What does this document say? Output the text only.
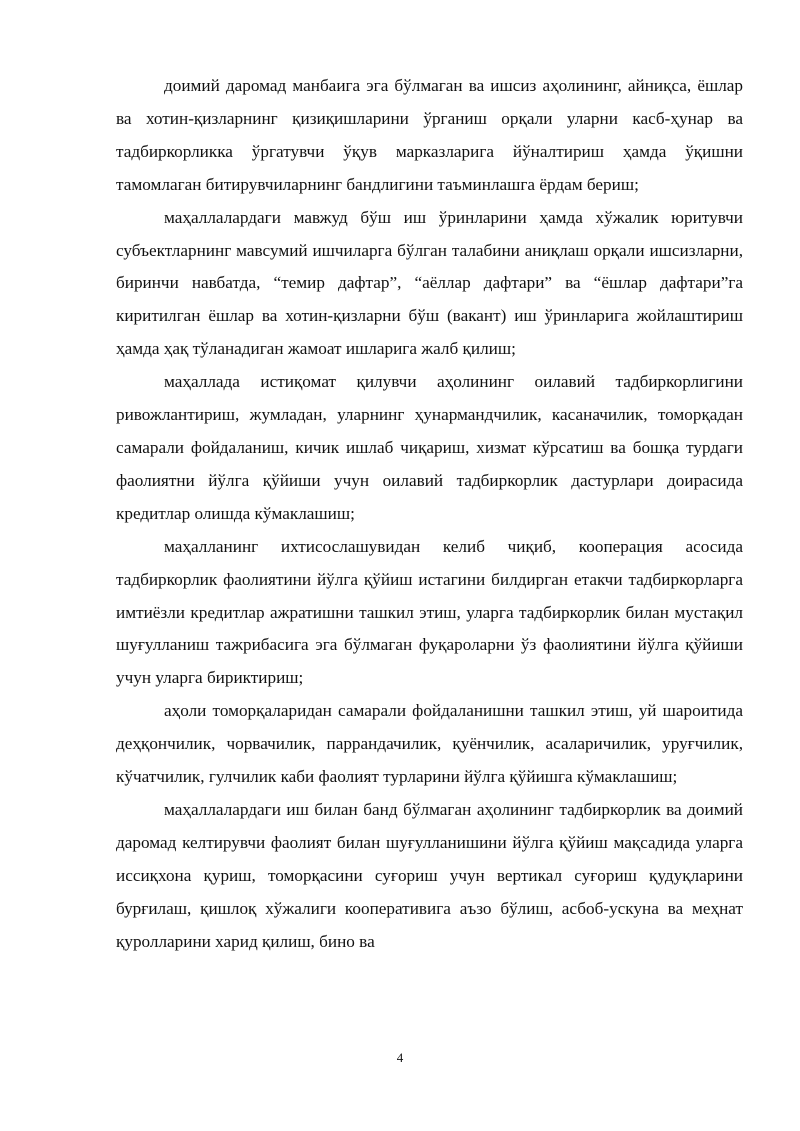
доимий даромад манбаига эга бўлмаган ва ишсиз аҳолининг, айниқса, ёшлар ва хотин-қизларнинг қизиқишларини ўрганиш орқали уларни касб-ҳунар ва тадбиркорликка ўргатувчи ўқув марказларига йўналтириш ҳамда ўқишни тамомлаган битирувчиларнинг бандлигини таъминлашга ёрдам бериш;

маҳаллалардаги мавжуд бўш иш ўринларини ҳамда хўжалик юритувчи субъектларнинг мавсумий ишчиларга бўлган талабини аниқлаш орқали ишсизларни, биринчи навбатда, “темир дафтар”, “аёллар дафтари” ва “ёшлар дафтари”га киритилган ёшлар ва хотин-қизларни бўш (вакант) иш ўринларига жойлаштириш ҳамда ҳақ тўланадиган жамоат ишларига жалб қилиш;

маҳаллада истиқомат қилувчи аҳолининг оилавий тадбиркорлигини ривожлантириш, жумладан, уларнинг ҳунармандчилик, касаначилик, томорқадан самарали фойдаланиш, кичик ишлаб чиқариш, хизмат кўрсатиш ва бошқа турдаги фаолиятни йўлга қўйиши учун оилавий тадбиркорлик дастурлари доирасида кредитлар олишда кўмаклашиш;

маҳалланинг ихтисослашувидан келиб чиқиб, кооперация асосида тадбиркорлик фаолиятини йўлга қўйиш истагини билдирган етакчи тадбиркорларга имтиёзли кредитлар ажратишни ташкил этиш, уларга тадбиркорлик билан мустақил шуғулланиш тажрибасига эга бўлмаган фуқароларни ўз фаолиятини йўлга қўйиши учун уларга бириктириш;

аҳоли томорқаларидан самарали фойдаланишни ташкил этиш, уй шароитида деҳқончилик, чорвачилик, паррандачилик, қуёнчилик, асаларичилик, уруғчилик, кўчатчилик, гулчилик каби фаолият турларини йўлга қўйишга кўмаклашиш;

маҳаллалардаги иш билан банд бўлмаган аҳолининг тадбиркорлик ва доимий даромад келтирувчи фаолият билан шуғулланишини йўлга қўйиш мақсадида уларга иссиқхона қуриш, томорқасини суғориш учун вертикал суғориш қудуқларини бурғилаш, қишлоқ хўжалиги кооперативига аъзо бўлиш, асбоб-ускуна ва меҳнат қуролларини харид қилиш, бино ва

4
